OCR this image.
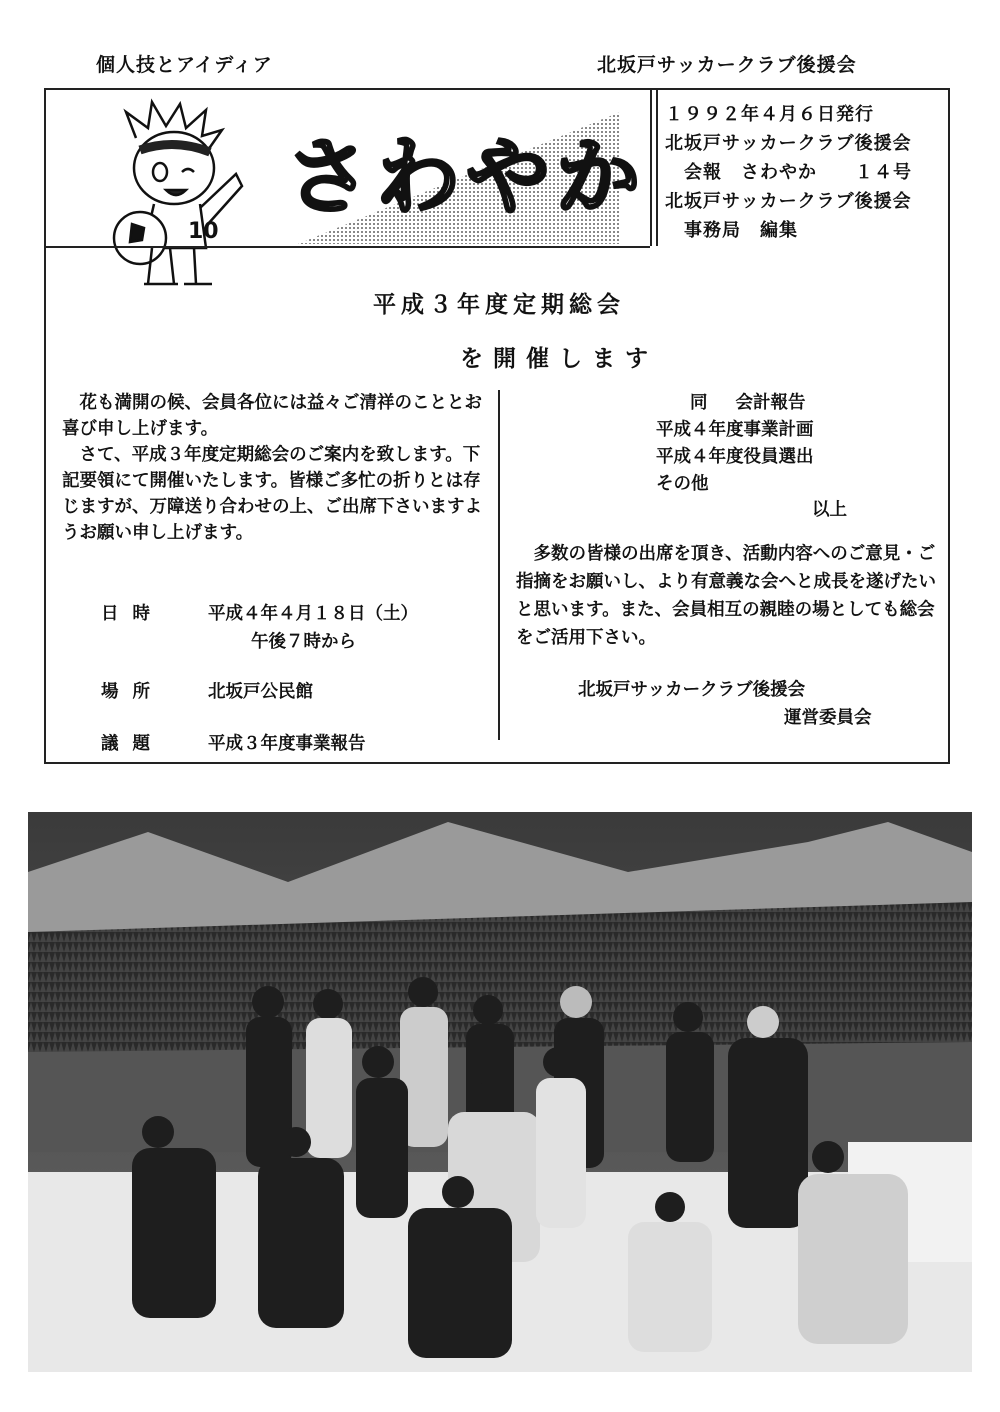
個人技とアイディア	北坂戸サッカークラブ後援会
10
さわやか
１９９２年４月６日発行
北坂戸サッカークラブ後援会
　会報　さわやか　　１４号
北坂戸サッカークラブ後援会
　事務局　編集
平成３年度定期総会
を開催します

花も満開の候、会員各位には益々ご清祥のこととお喜び申し上げます。

さて、平成３年度定期総会のご案内を致します。下記要領にて開催いたします。皆様ご多忙の折りとは存じますが、万障送り合わせの上、ご出席下さいますようお願い申し上げます。

日時	平成４年４月１８日（土）
午後７時から
場所	北坂戸公民館
議題	平成３年度事業報告
同 会計報告
平成４年度事業計画
平成４年度役員選出
その他
以上
多数の皆様の出席を頂き、活動内容へのご意見・ご指摘をお願いし、より有意義な会へと成長を遂げたいと思います。また、会員相互の親睦の場としても総会をご活用下さい。
北坂戸サッカークラブ後援会
運営委員会
